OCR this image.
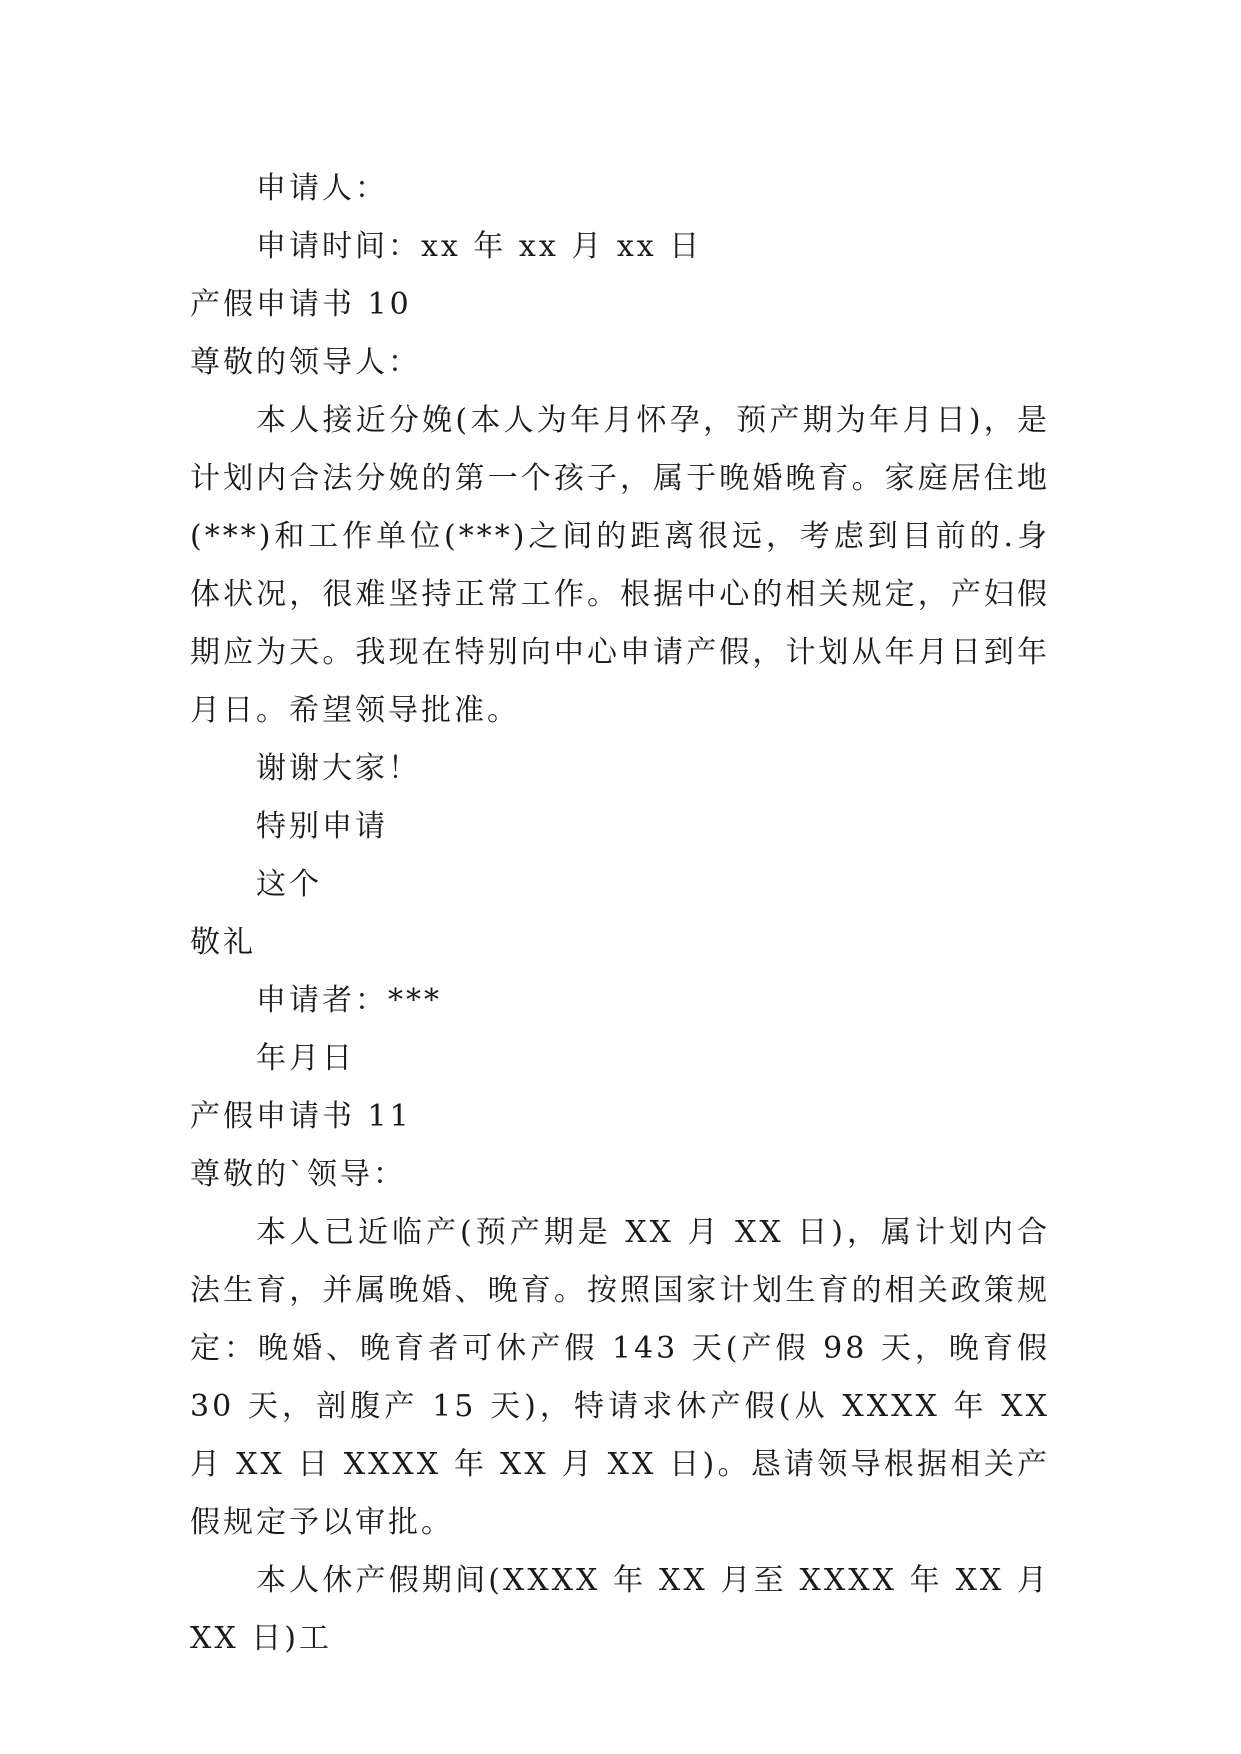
申请人：
申请时间：xx 年 xx 月 xx 日
产假申请书 10
尊敬的领导人：

本人接近分娩(本人为年月怀孕，预产期为年月日)，是计划内合法分娩的第一个孩子，属于晚婚晚育。家庭居住地(***)和工作单位(***)之间的距离很远，考虑到目前的.身体状况，很难坚持正常工作。根据中心的相关规定，产妇假期应为天。我现在特别向中心申请产假，计划从年月日到年月日。希望领导批准。

谢谢大家！
特别申请
这个
敬礼
申请者：***
年月日
产假申请书 11
尊敬的`领导：

本人已近临产(预产期是 XX 月 XX 日)，属计划内合法生育，并属晚婚、晚育。按照国家计划生育的相关政策规定：晚婚、晚育者可休产假 143 天(产假 98 天，晚育假 30 天，剖腹产 15 天)，特请求休产假(从 XXXX 年 XX 月 XX 日 XXXX 年 XX 月 XX 日)。恳请领导根据相关产假规定予以审批。

本人休产假期间(XXXX 年 XX 月至 XXXX 年 XX 月 XX 日)工
